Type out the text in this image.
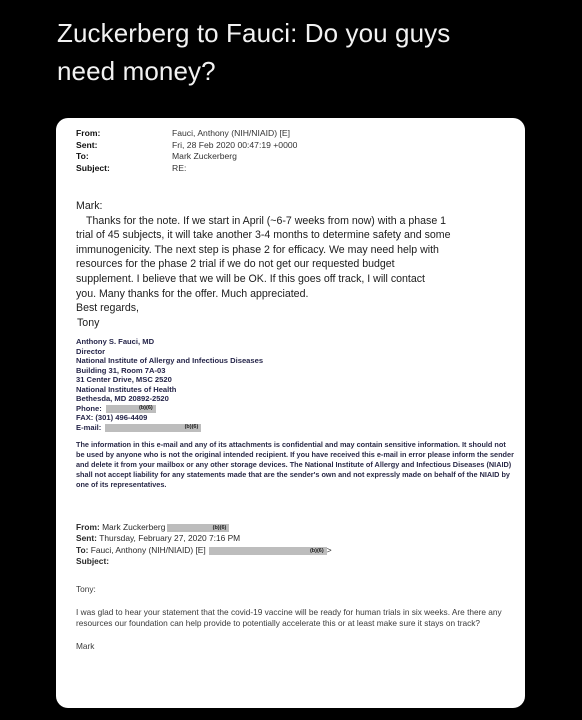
Zuckerberg to Fauci: Do you guys
need money?
From:	Fauci, Anthony (NIH/NIAID) [E]
Sent:	Fri, 28 Feb 2020 00:47:19 +0000
To:	Mark Zuckerberg
Subject:	RE:
Mark:
Thanks for the note. If we start in April (~6-7 weeks from now) with a phase 1
trial of 45 subjects, it will take another 3-4 months to determine safety and some
immunogenicity. The next step is phase 2 for efficacy. We may need help with
resources for the phase 2 trial if we do not get our requested budget
supplement. I believe that we will be OK. If this goes off track, I will contact
you. Many thanks for the offer. Much appreciated.
Best regards,
Tony
Anthony S. Fauci, MD
Director
National Institute of Allergy and Infectious Diseases
Building 31, Room 7A-03
31 Center Drive, MSC 2520
National Institutes of Health
Bethesda, MD 20892-2520
Phone:	(b)(6)
FAX: (301) 496-4409
E-mail:	(b)(6)
The information in this e-mail and any of its attachments is confidential and may contain sensitive information. It should not be used by anyone who is not the original intended recipient. If you have received this e-mail in error please inform the sender and delete it from your mailbox or any other storage devices. The National Institute of Allergy and Infectious Diseases (NIAID) shall not accept liability for any statements made that are the sender's own and not expressly made on behalf of the NIAID by one of its representatives.
From:
Mark Zuckerberg	(b)(6)
Sent:
Thursday, February 27, 2020 7:16 PM
To:
Fauci, Anthony (NIH/NIAID) [E]	(b)(6) >
Subject:

Tony:

I was glad to hear your statement that the covid-19 vaccine will be ready for human trials in six weeks. Are there any resources our foundation can help provide to potentially accelerate this or at least make sure it stays on track?

Mark
